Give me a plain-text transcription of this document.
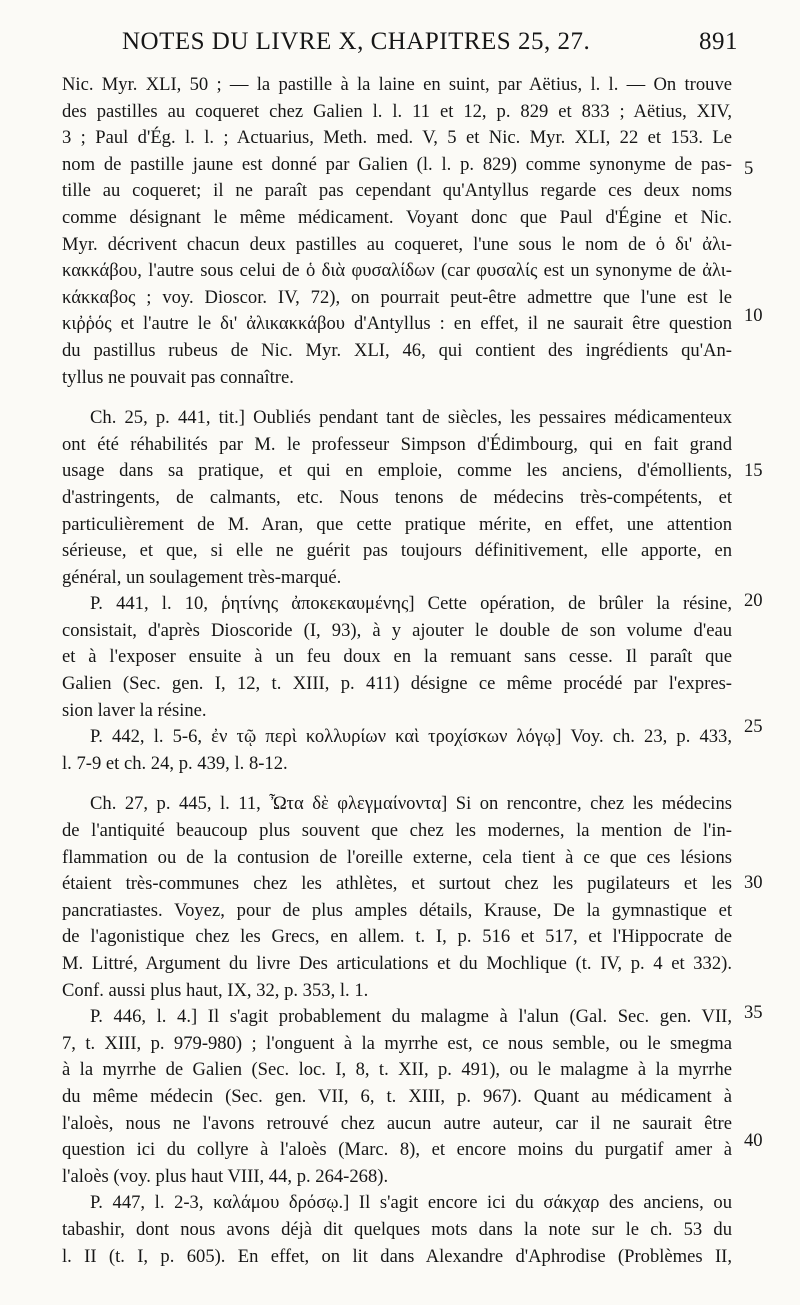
NOTES DU LIVRE X, CHAPITRES 25, 27.	891
Nic. Myr. XLI, 50 ; — la pastille à la laine en suint, par Aëtius, l. l. — On trouve
des pastilles au coqueret chez Galien l. l. 11 et 12, p. 829 et 833 ; Aëtius, XIV,
3 ; Paul d'Ég. l. l. ; Actuarius, Meth. med. V, 5 et Nic. Myr. XLI, 22 et 153. Le
nom de pastille jaune est donné par Galien (l. l. p. 829) comme synonyme de pas-
tille au coqueret; il ne paraît pas cependant qu'Antyllus regarde ces deux noms
comme désignant le même médicament. Voyant donc que Paul d'Égine et Nic.
Myr. décrivent chacun deux pastilles au coqueret, l'une sous le nom de ὁ δι' ἀλι-
κακκάβου, l'autre sous celui de ὁ διὰ φυσαλίδων (car φυσαλίς est un synonyme de ἀλι-
κάκκαβος ; voy. Dioscor. IV, 72), on pourrait peut-être admettre que l'une est le
κιῤῥός et l'autre le δι' ἀλικακκάβου d'Antyllus : en effet, il ne saurait être question
du pastillus rubeus de Nic. Myr. XLI, 46, qui contient des ingrédients qu'An-
tyllus ne pouvait pas connaître.
Ch. 25, p. 441, tit.] Oubliés pendant tant de siècles, les pessaires médicamenteux
ont été réhabilités par M. le professeur Simpson d'Édimbourg, qui en fait grand
usage dans sa pratique, et qui en emploie, comme les anciens, d'émollients,
d'astringents, de calmants, etc. Nous tenons de médecins très-compétents, et
particulièrement de M. Aran, que cette pratique mérite, en effet, une attention
sérieuse, et que, si elle ne guérit pas toujours définitivement, elle apporte, en
général, un soulagement très-marqué.
P. 441, l. 10, ῥητίνης ἀποκεκαυμένης] Cette opération, de brûler la résine,
consistait, d'après Dioscoride (I, 93), à y ajouter le double de son volume d'eau
et à l'exposer ensuite à un feu doux en la remuant sans cesse. Il paraît que
Galien (Sec. gen. I, 12, t. XIII, p. 411) désigne ce même procédé par l'expres-
sion laver la résine.
P. 442, l. 5-6, ἐν τῷ περὶ κολλυρίων καὶ τροχίσκων λόγῳ] Voy. ch. 23, p. 433,
l. 7-9 et ch. 24, p. 439, l. 8-12.
Ch. 27, p. 445, l. 11, Ὦτα δὲ φλεγμαίνοντα] Si on rencontre, chez les médecins
de l'antiquité beaucoup plus souvent que chez les modernes, la mention de l'in-
flammation ou de la contusion de l'oreille externe, cela tient à ce que ces lésions
étaient très-communes chez les athlètes, et surtout chez les pugilateurs et les
pancratiastes. Voyez, pour de plus amples détails, Krause, De la gymnastique et
de l'agonistique chez les Grecs, en allem. t. I, p. 516 et 517, et l'Hippocrate de
M. Littré, Argument du livre Des articulations et du Mochlique (t. IV, p. 4 et 332).
Conf. aussi plus haut, IX, 32, p. 353, l. 1.
P. 446, l. 4.] Il s'agit probablement du malagme à l'alun (Gal. Sec. gen. VII,
7, t. XIII, p. 979-980) ; l'onguent à la myrrhe est, ce nous semble, ou le smegma
à la myrrhe de Galien (Sec. loc. I, 8, t. XII, p. 491), ou le malagme à la myrrhe
du même médecin (Sec. gen. VII, 6, t. XIII, p. 967). Quant au médicament à
l'aloès, nous ne l'avons retrouvé chez aucun autre auteur, car il ne saurait être
question ici du collyre à l'aloès (Marc. 8), et encore moins du purgatif amer à
l'aloès (voy. plus haut VIII, 44, p. 264-268).
P. 447, l. 2-3, καλάμου δρόσῳ.] Il s'agit encore ici du σάκχαρ des anciens, ou
tabashir, dont nous avons déjà dit quelques mots dans la note sur le ch. 53 du
l. II (t. I, p. 605). En effet, on lit dans Alexandre d'Aphrodise (Problèmes II,
5
10
15
20
25
30
35
40
